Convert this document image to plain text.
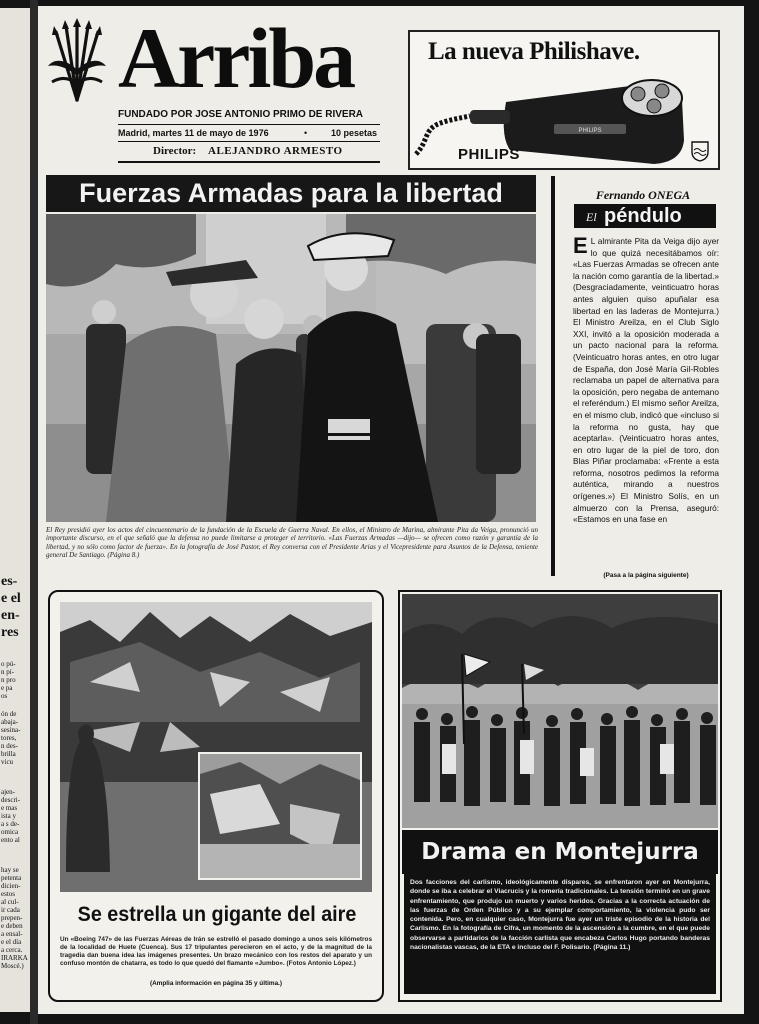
es-
e el
en-
res
o pú-
n pí-
n pro
e pa
os
ón de
abaja-
sesina-
tores,
n des-
brilla
vicu
ajen-
descri-
e mas
ista y
a s de-
omica
ento al
hay se
petenta
dicien-
estos
al cul-
ir cada
prepen-
e deben
a ensal-
e el día
a cerca.
IRARKA
Moscé.)
Arriba
FUNDADO POR JOSE ANTONIO PRIMO DE RIVERA
Madrid, martes 11 de mayo de 1976	•	10 pesetas
Director: ALEJANDRO ARMESTO
La nueva Philishave.
PHILIPS
PHILIPS
Fuerzas Armadas para la libertad
El Rey presidió ayer los actos del cincuentenario de la fundación de la Escuela de Guerra Naval. En ellos, el Ministro de Marina, almirante Pita da Veiga, pronunció un importante discurso, en el que señaló que la defensa no puede limitarse a proteger el territorio. «Las Fuerzas Armadas —dijo— se ofrecen como razón y garantía de la libertad, y no sólo como factor de fuerza». En la fotografía de José Pastor, el Rey conversa con el Presidente Arias y el Vicepresidente para Asuntos de la Defensa, teniente general De Santiago. (Página 8.)
Fernando ONEGA
El péndulo
E L almirante Pita da Veiga dijo ayer lo que quizá necesitábamos oír: «Las Fuerzas Armadas se ofrecen ante la nación como garantía de la libertad.» (Desgraciadamente, veinticuatro horas antes alguien quiso apuñalar esa libertad en las laderas de Montejurra.) El Ministro Areilza, en el Club Siglo XXI, invitó a la oposición moderada a un pacto nacional para la reforma. (Veinticuatro horas antes, en otro lugar de España, don José María Gil-Robles reclamaba un papel de alternativa para la oposición, pero negaba de antemano el referéndum.) El mismo señor Areilza, en el mismo club, indicó que «incluso si la reforma no gusta, hay que aceptarla». (Veinticuatro horas antes, en otro lugar de la piel de toro, don Blas Piñar proclamaba: «Frente a esta reforma, nosotros pedimos la reforma auténtica, mirando a nuestros orígenes.») El Ministro Solís, en un almuerzo con la Prensa, aseguró: «Estamos en una fase en
(Pasa a la página siguiente)
Se estrella un gigante del aire
Un «Boeing 747» de las Fuerzas Aéreas de Irán se estrelló el pasado domingo a unos seis kilómetros de la localidad de Huete (Cuenca). Sus 17 tripulantes perecieron en el acto, y de la magnitud de la tragedia dan buena idea las imágenes presentes. Un brazo mecánico con los restos del aparato y un confuso montón de chatarra, es todo lo que quedó del flamante «Jumbo». (Fotos Antonio López.)
(Amplia información en página 35 y última.)
Drama en Montejurra
Dos facciones del carlismo, ideológicamente dispares, se enfrentaron ayer en Montejurra, donde se iba a celebrar el Viacrucis y la romería tradicionales. La tensión terminó en un grave enfrentamiento, que produjo un muerto y varios heridos. Gracias a la correcta actuación de las fuerzas de Orden Público y a su ejemplar comportamiento, la violencia pudo ser contenida. Pero, en cualquier caso, Montejurra fue ayer un triste episodio de la historia del Carlismo. En la fotografía de Cifra, un momento de la ascensión a la cumbre, en el que puede observarse a partidarios de la facción carlista que encabeza Carlos Hugo portando banderas nacionalistas vascas, de la ETA e incluso del F. Polisario. (Página 11.)
